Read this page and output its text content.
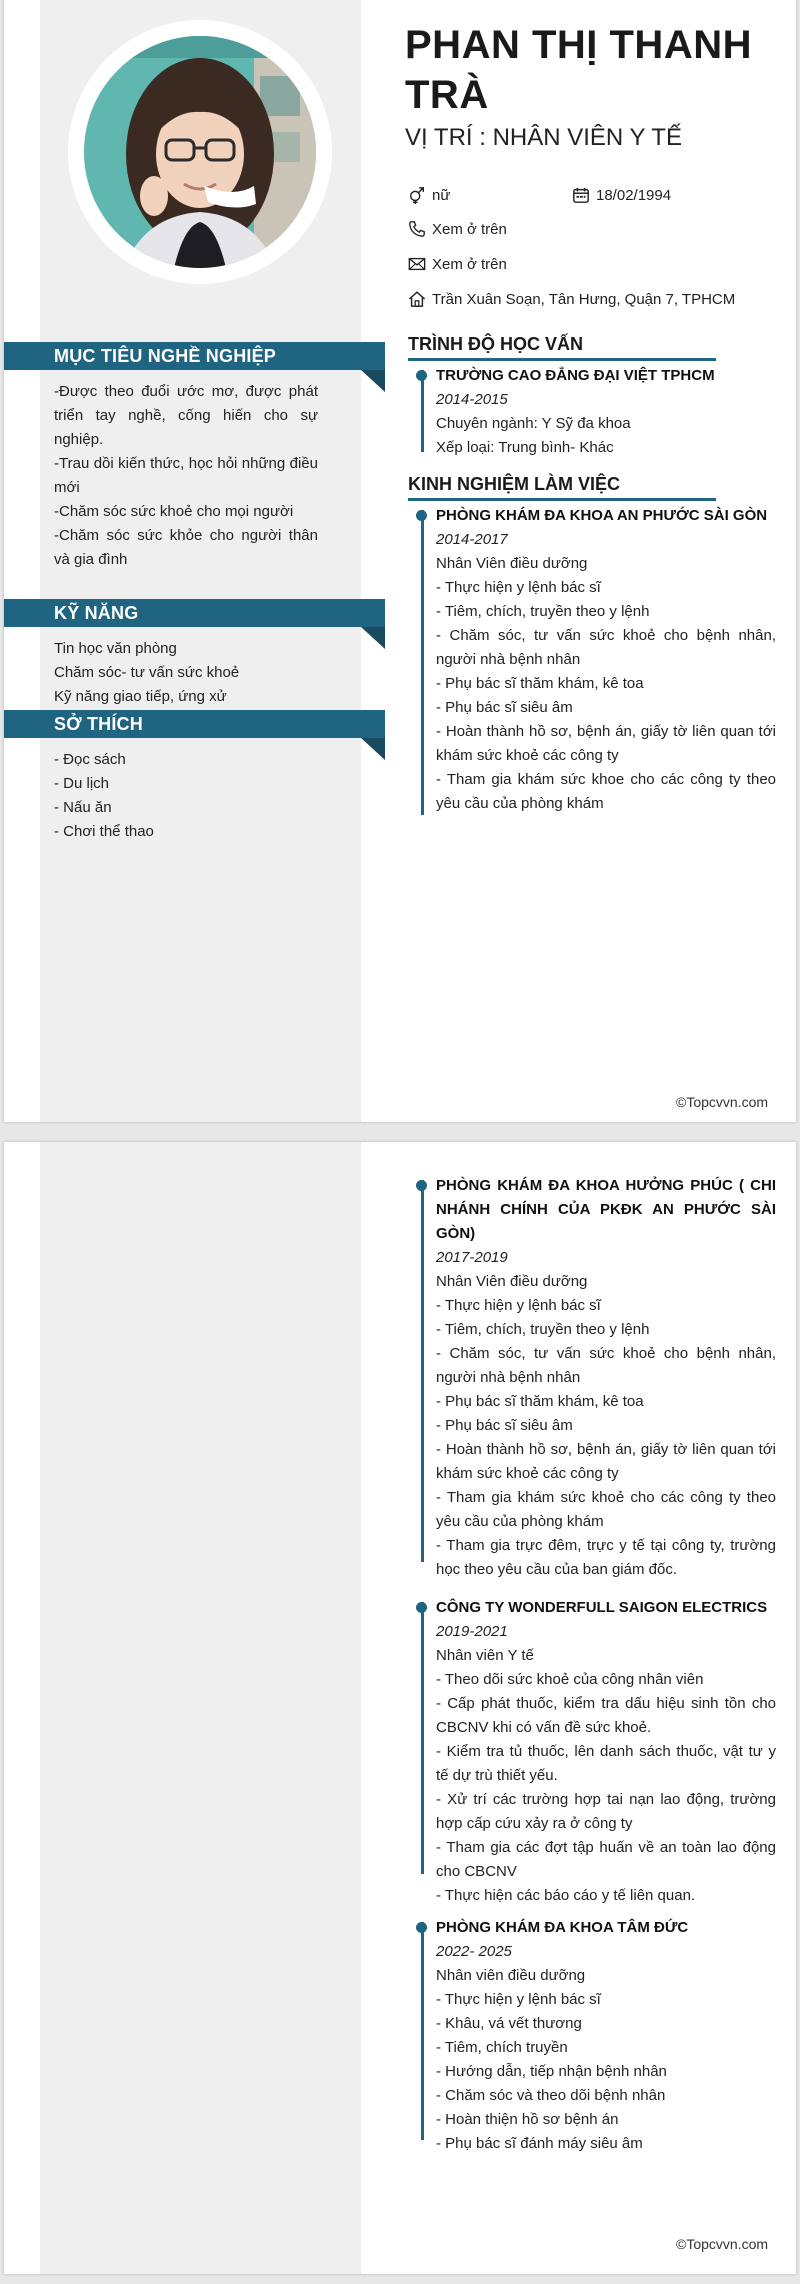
MỤC TIÊU NGHỀ NGHIỆP

-Được theo đuổi ước mơ, được phát triển tay nghề, cống hiến cho sự nghiệp.

-Trau dồi kiến thức, học hỏi những điều mới

-Chăm sóc sức khoẻ cho mọi người

-Chăm sóc sức khỏe cho người thân và gia đình

KỸ NĂNG

Tin học văn phòng

Chăm sóc- tư vấn sức khoẻ

Kỹ năng giao tiếp, ứng xử

SỞ THÍCH

- Đọc sách

- Du lịch

- Nấu ăn

- Chơi thể thao

PHAN THỊ THANH TRÀ
VỊ TRÍ : NHÂN VIÊN Y TẾ
nữ	18/02/1994
Xem ở trên
Xem ở trên
Trần Xuân Soạn, Tân Hưng, Quận 7, TPHCM
TRÌNH ĐỘ HỌC VẤN
TRƯỜNG CAO ĐẲNG ĐẠI VIỆT TPHCM
2014-2015
Chuyên ngành: Y Sỹ đa khoa
Xếp loại: Trung bình- Khác
KINH NGHIỆM LÀM VIỆC
PHÒNG KHÁM ĐA KHOA AN PHƯỚC SÀI GÒN
2014-2017
Nhân Viên điều dưỡng

- Thực hiện y lệnh bác sĩ

- Tiêm, chích, truyền theo y lệnh

- Chăm sóc, tư vấn sức khoẻ cho bệnh nhân, người nhà bệnh nhân

- Phụ bác sĩ thăm khám, kê toa

- Phụ bác sĩ siêu âm

- Hoàn thành hồ sơ, bệnh án, giấy tờ liên quan tới khám sức khoẻ các công ty

- Tham gia khám sức khoe cho các công ty theo yêu cầu của phòng khám

©Topcvvn.com
PHÒNG KHÁM ĐA KHOA HƯỞNG PHÚC ( CHI NHÁNH CHÍNH CỦA PKĐK AN PHƯỚC SÀI GÒN)
2017-2019
Nhân Viên điều dưỡng

- Thực hiện y lệnh bác sĩ

- Tiêm, chích, truyền theo y lệnh

- Chăm sóc, tư vấn sức khoẻ cho bệnh nhân, người nhà bệnh nhân

- Phụ bác sĩ thăm khám, kê toa

- Phụ bác sĩ siêu âm

- Hoàn thành hồ sơ, bệnh án, giấy tờ liên quan tới khám sức khoẻ các công ty

- Tham gia khám sức khoẻ cho các công ty theo yêu cầu của phòng khám

- Tham gia trực đêm, trực y tế tại công ty, trường học theo yêu cầu của ban giám đốc.

CÔNG TY WONDERFULL SAIGON ELECTRICS
2019-2021
Nhân viên Y tế

- Theo dõi sức khoẻ của công nhân viên

- Cấp phát thuốc, kiểm tra dấu hiệu sinh tồn cho CBCNV khi có vấn đề sức khoẻ.

- Kiểm tra tủ thuốc, lên danh sách thuốc, vật tư y tế dự trù thiết yếu.

- Xử trí các trường hợp tai nạn lao động, trường hợp cấp cứu xảy ra ở công ty

- Tham gia các đợt tập huấn về an toàn lao động cho CBCNV

- Thực hiện các báo cáo y tế liên quan.

PHÒNG KHÁM ĐA KHOA TÂM ĐỨC
2022- 2025
Nhân viên điều dưỡng

- Thực hiện y lệnh bác sĩ

- Khâu, vá vết thương

- Tiêm, chích truyền

- Hướng dẫn, tiếp nhận bệnh nhân

- Chăm sóc và theo dõi bệnh nhân

- Hoàn thiện hồ sơ bệnh án

- Phụ bác sĩ đánh máy siêu âm

©Topcvvn.com
